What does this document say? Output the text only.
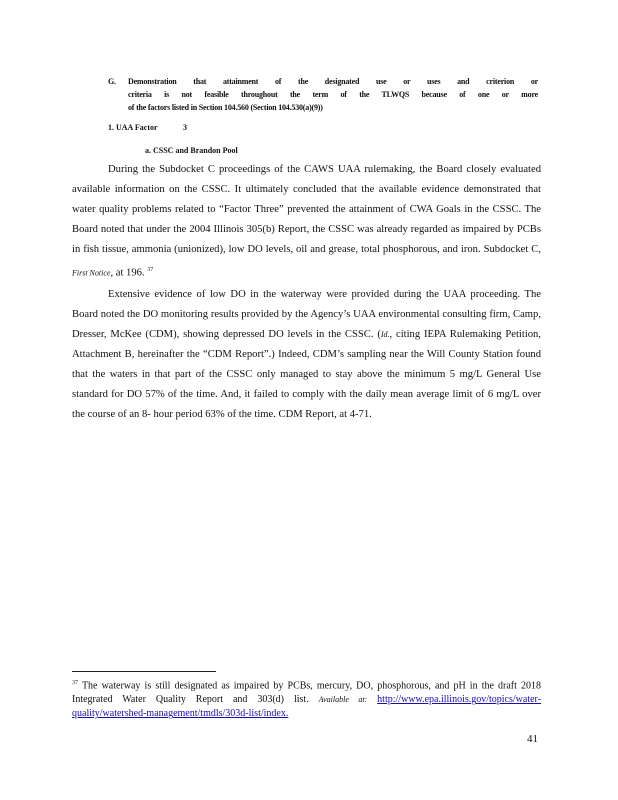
G. Demonstration that attainment of the designated use or uses and criterion or
criteria is not feasible throughout the term of the TLWQS because of one or more
of the factors listed in Section 104.560 (Section 104.530(a)(9))
1. UAA Factor	3
a. CSSC and Brandon Pool
During the Subdocket C proceedings of the CAWS UAA rulemaking, the Board closely evaluated available information on the CSSC. It ultimately concluded that the available evidence demonstrated that water quality problems related to “Factor Three” prevented the attainment of CWA Goals in the CSSC. The Board noted that under the 2004 Illinois 305(b) Report, the CSSC was already regarded as impaired by PCBs in fish tissue, ammonia (unionized), low DO levels, oil and grease, total phosphorous, and iron. Subdocket C, First Notice, at 196. $^{37}$
Extensive evidence of low DO in the waterway were provided during the UAA proceeding. The Board noted the DO monitoring results provided by the Agency’s UAA environmental consulting firm, Camp, Dresser, McKee (CDM), showing depressed DO levels in the CSSC. (Id., citing IEPA Rulemaking Petition, Attachment B, hereinafter the “CDM Report”.) Indeed, CDM’s sampling near the Will County Station found that the waters in that part of the CSSC only managed to stay above the minimum 5 mg/L General Use standard for DO 57% of the time. And, it failed to comply with the daily mean average limit of 6 mg/L over the course of an 8- hour period 63% of the time. CDM Report, at 4-71.
$^{37}$ The waterway is still designated as impaired by PCBs, mercury, DO, phosphorous, and pH in the draft 2018 Integrated Water Quality Report and 303(d) list. Available at: http://www.epa.illinois.gov/topics/water-quality/watershed-management/tmdls/303d-list/index.
41
